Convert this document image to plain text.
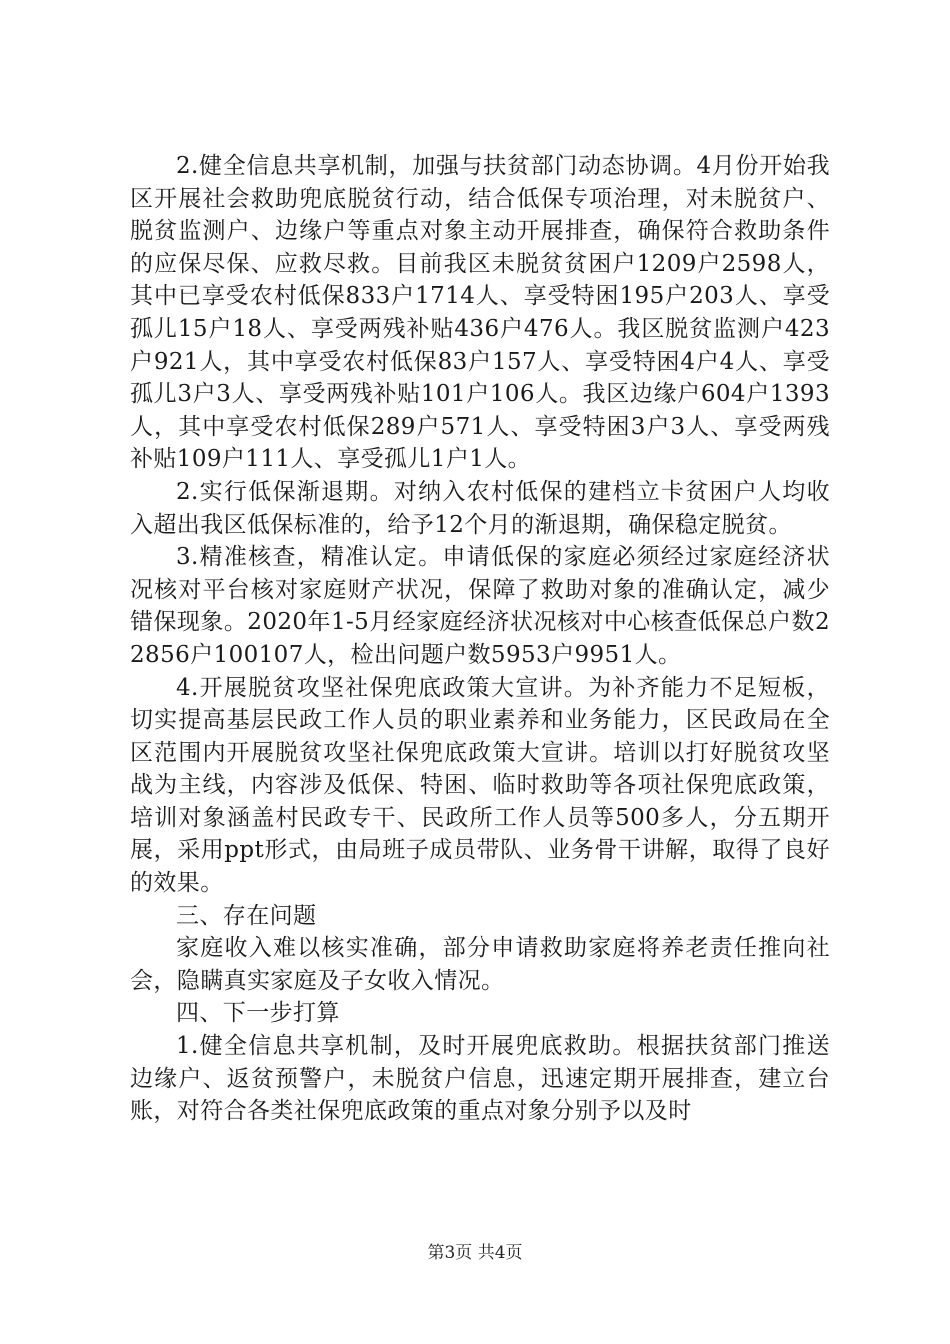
2.健全信息共享机制，加强与扶贫部门动态协调。4月份开始我区开展社会救助兜底脱贫行动，结合低保专项治理，对未脱贫户、脱贫监测户、边缘户等重点对象主动开展排查，确保符合救助条件的应保尽保、应救尽救。目前我区未脱贫贫困户1209户2598人，其中已享受农村低保833户1714人、享受特困195户203人、享受孤儿15户18人、享受两残补贴436户476人。我区脱贫监测户423户921人，其中享受农村低保83户157人、享受特困4户4人、享受孤儿3户3人、享受两残补贴101户106人。我区边缘户604户1393人，其中享受农村低保289户571人、享受特困3户3人、享受两残补贴109户111人、享受孤儿1户1人。

2.实行低保渐退期。对纳入农村低保的建档立卡贫困户人均收入超出我区低保标准的，给予12个月的渐退期，确保稳定脱贫。

3.精准核查，精准认定。申请低保的家庭必须经过家庭经济状况核对平台核对家庭财产状况，保障了救助对象的准确认定，减少错保现象。2020年1-5月经家庭经济状况核对中心核查低保总户数22856户100107人，检出问题户数5953户9951人。

4.开展脱贫攻坚社保兜底政策大宣讲。为补齐能力不足短板，切实提高基层民政工作人员的职业素养和业务能力，区民政局在全区范围内开展脱贫攻坚社保兜底政策大宣讲。培训以打好脱贫攻坚战为主线，内容涉及低保、特困、临时救助等各项社保兜底政策，培训对象涵盖村民政专干、民政所工作人员等500多人，分五期开展，采用ppt形式，由局班子成员带队、业务骨干讲解，取得了良好的效果。

三、存在问题

家庭收入难以核实准确，部分申请救助家庭将养老责任推向社会，隐瞒真实家庭及子女收入情况。

四、下一步打算

1.健全信息共享机制，及时开展兜底救助。根据扶贫部门推送边缘户、返贫预警户，未脱贫户信息，迅速定期开展排查，建立台账，对符合各类社保兜底政策的重点对象分别予以及时

第3页 共4页
